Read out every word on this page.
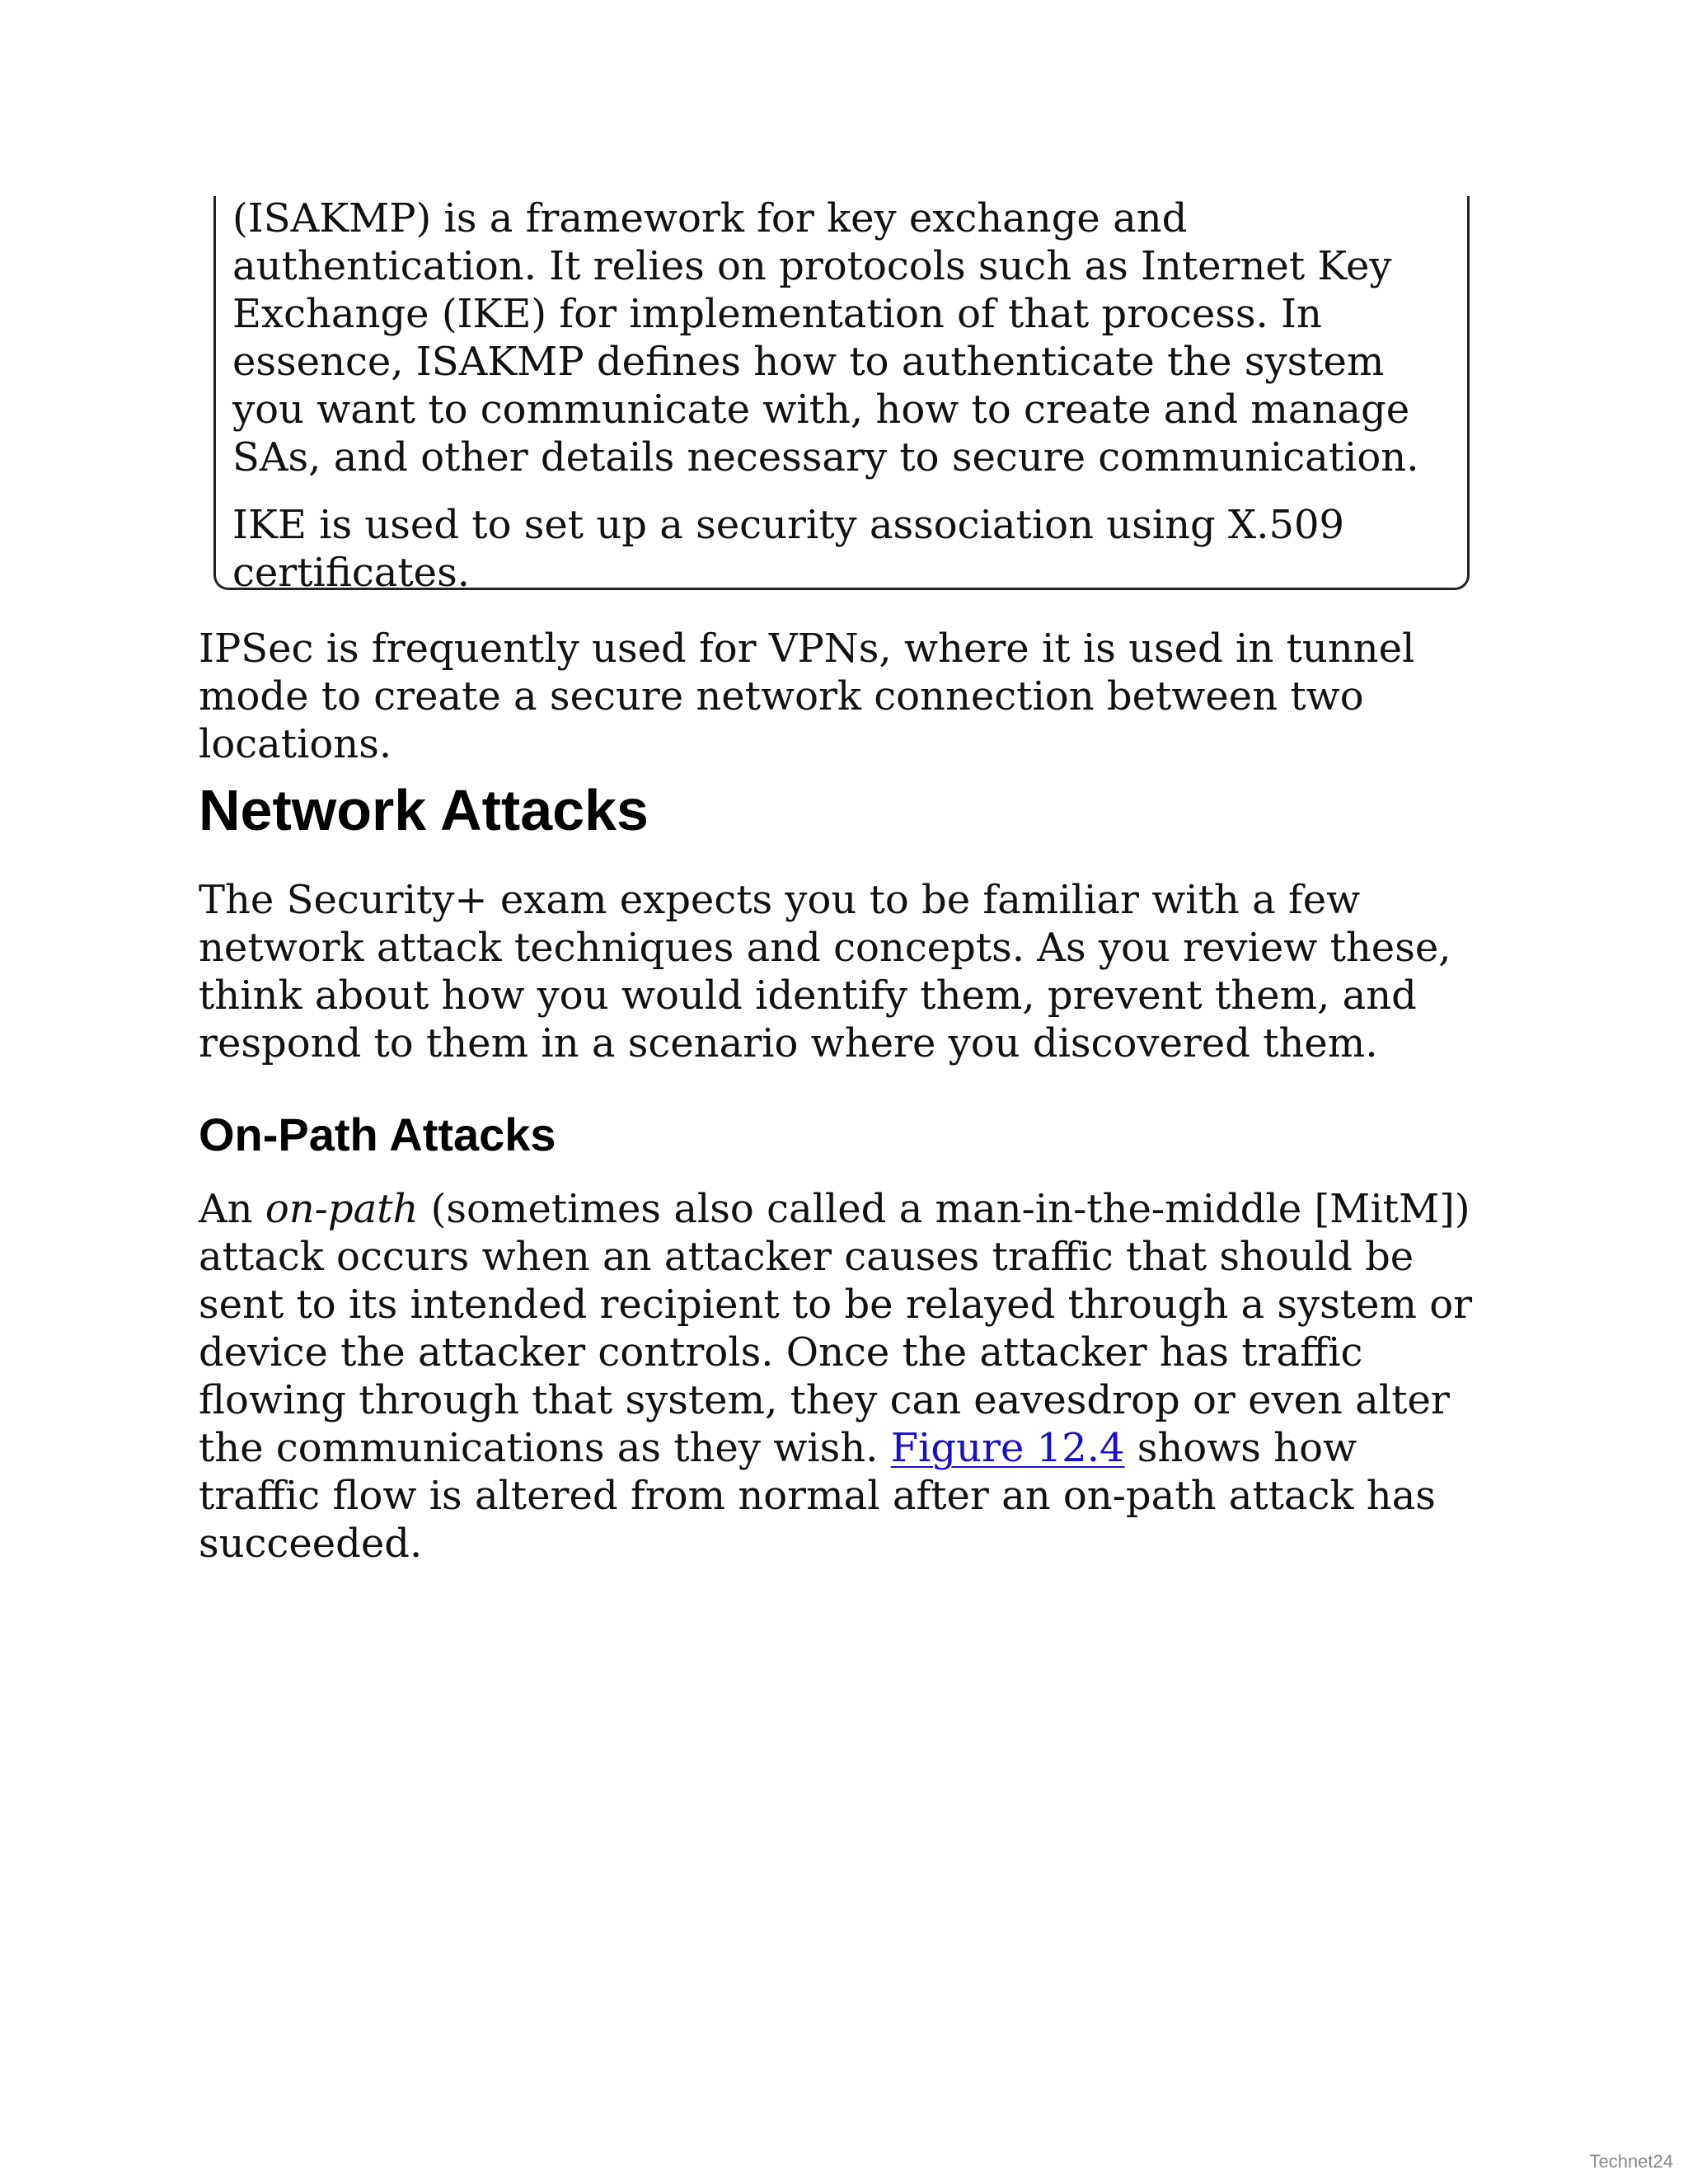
(ISAKMP) is a framework for key exchange and authentication. It relies on protocols such as Internet Key Exchange (IKE) for implementation of that process. In essence, ISAKMP defines how to authenticate the system you want to communicate with, how to create and manage SAs, and other details necessary to secure communication.

IKE is used to set up a security association using X.509 certificates.

IPSec is frequently used for VPNs, where it is used in tunnel mode to create a secure network connection between two locations.

Network Attacks

The Security+ exam expects you to be familiar with a few network attack techniques and concepts. As you review these, think about how you would identify them, prevent them, and respond to them in a scenario where you discovered them.

On-Path Attacks

An on-path (sometimes also called a man-in-the-middle [MitM]) attack occurs when an attacker causes traffic that should be sent to its intended recipient to be relayed through a system or device the attacker controls. Once the attacker has traffic flowing through that system, they can eavesdrop or even alter the communications as they wish. Figure 12.4 shows how traffic flow is altered from normal after an on-path attack has succeeded.

Technet24
